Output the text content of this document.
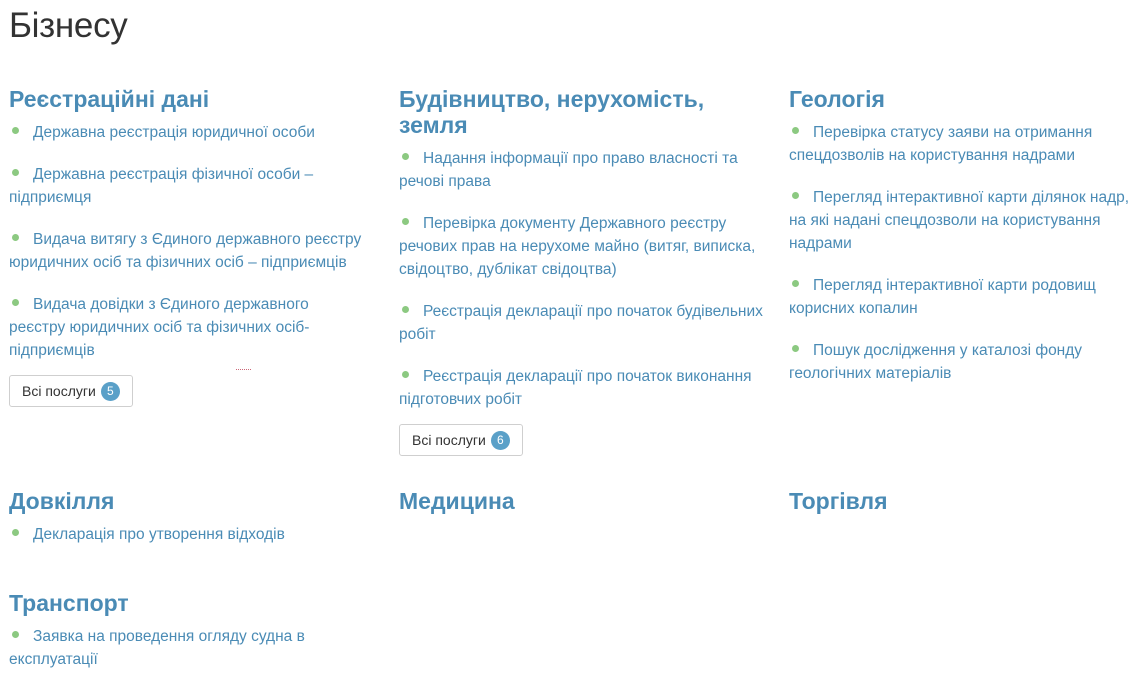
Бізнесу
Реєстраційні дані
Державна реєстрація юридичної особи
Державна реєстрація фізичної особи – підприємця
Видача витягу з Єдиного державного реєстру юридичних осіб та фізичних осіб – підприємців
Видача довідки з Єдиного державного реєстру юридичних осіб та фізичних осіб-підприємців
Всі послуги 5
Будівництво, нерухомість, земля
Надання інформації про право власності та речові права
Перевірка документу Державного реєстру речових прав на нерухоме майно (витяг, виписка, свідоцтво, дублікат свідоцтва)
Реєстрація декларації про початок будівельних робіт
Реєстрація декларації про початок виконання підготовчих робіт
Всі послуги 6
Геологія
Перевірка статусу заяви на отримання спецдозволів на користування надрами
Перегляд інтерактивної карти ділянок надр, на які надані спецдозволи на користування надрами
Перегляд інтерактивної карти родовищ корисних копалин
Пошук дослідження у каталозі фонду геологічних матеріалів
Довкілля
Декларація про утворення відходів
Медицина	Торгівля
Транспорт
Заявка на проведення огляду судна в експлуатації
